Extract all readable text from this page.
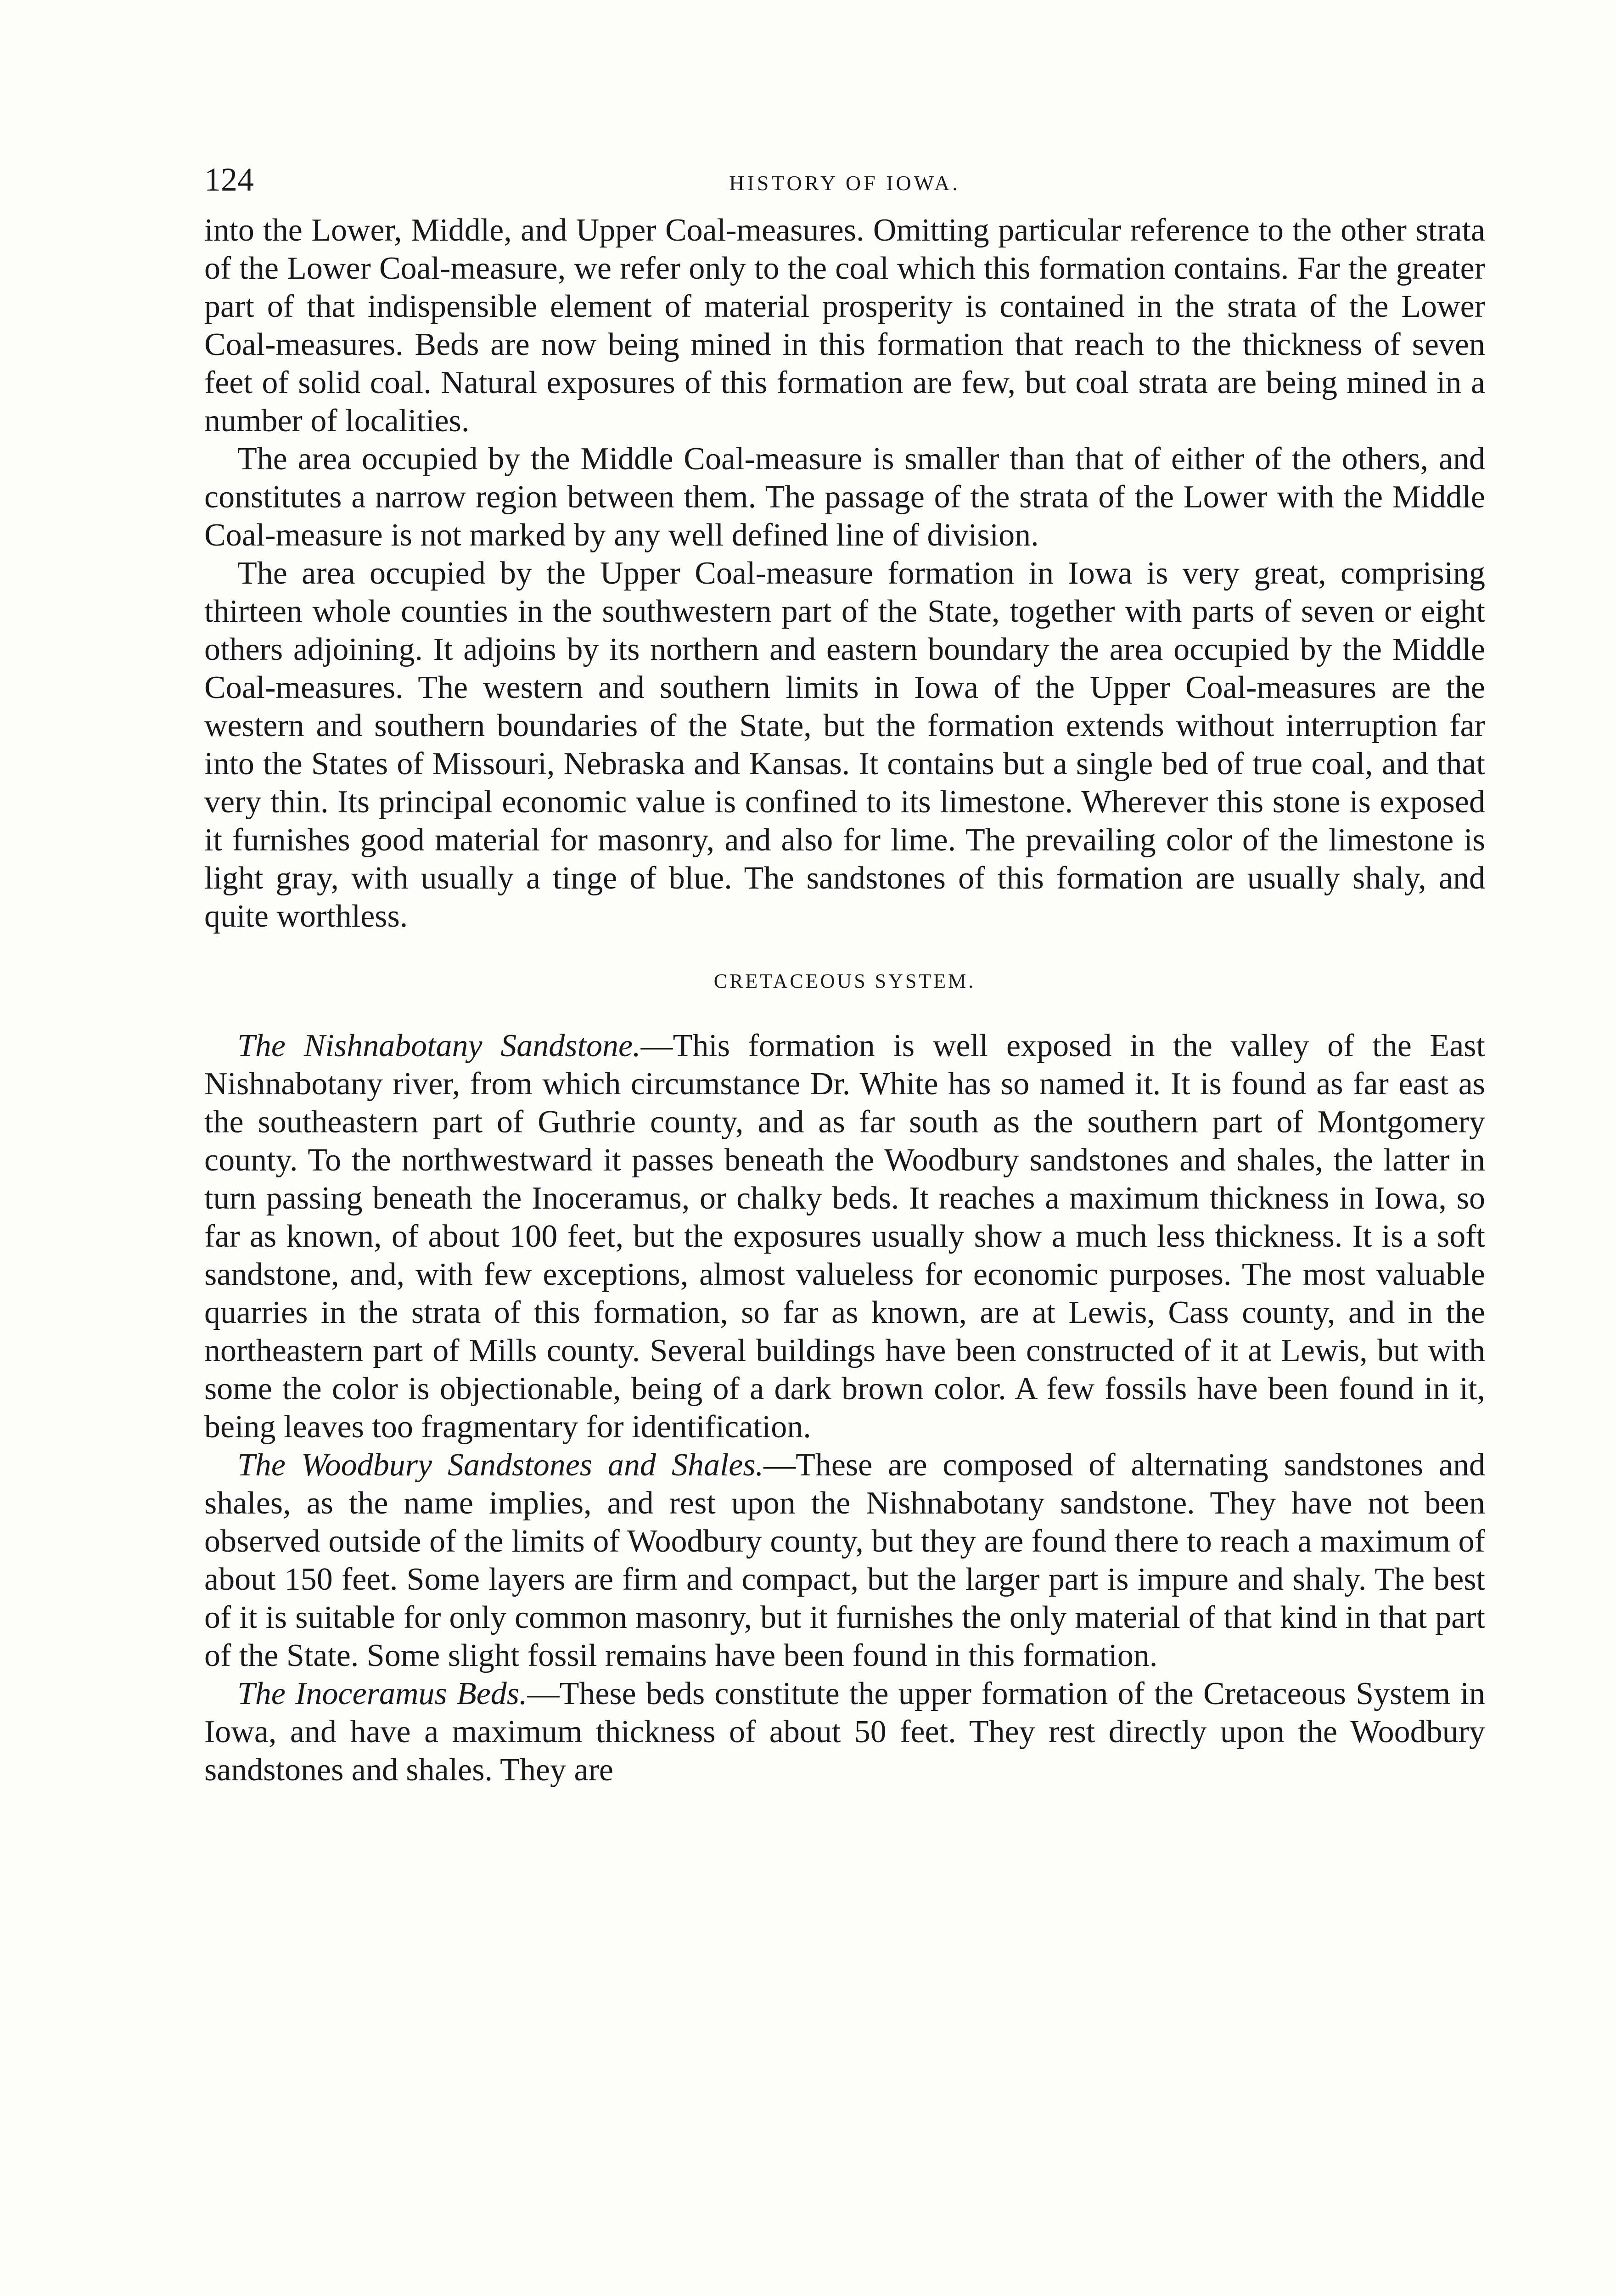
124	HISTORY OF IOWA.

into the Lower, Middle, and Upper Coal-measures. Omitting particular reference to the other strata of the Lower Coal-measure, we refer only to the coal which this formation contains. Far the greater part of that indispensible element of material prosperity is contained in the strata of the Lower Coal-measures. Beds are now being mined in this formation that reach to the thickness of seven feet of solid coal. Natural exposures of this formation are few, but coal strata are being mined in a number of localities.

The area occupied by the Middle Coal-measure is smaller than that of either of the others, and constitutes a narrow region between them. The passage of the strata of the Lower with the Middle Coal-measure is not marked by any well defined line of division.

The area occupied by the Upper Coal-measure formation in Iowa is very great, comprising thirteen whole counties in the southwestern part of the State, together with parts of seven or eight others adjoining. It adjoins by its northern and eastern boundary the area occupied by the Middle Coal-measures. The western and southern limits in Iowa of the Upper Coal-measures are the western and southern boundaries of the State, but the formation extends without interruption far into the States of Missouri, Nebraska and Kansas. It contains but a single bed of true coal, and that very thin. Its principal economic value is confined to its limestone. Wherever this stone is exposed it furnishes good material for masonry, and also for lime. The prevailing color of the limestone is light gray, with usually a tinge of blue. The sandstones of this formation are usually shaly, and quite worthless.

CRETACEOUS SYSTEM.

The Nishnabotany Sandstone.—This formation is well exposed in the valley of the East Nishnabotany river, from which circumstance Dr. White has so named it. It is found as far east as the southeastern part of Guthrie county, and as far south as the southern part of Montgomery county. To the northwestward it passes beneath the Woodbury sandstones and shales, the latter in turn passing beneath the Inoceramus, or chalky beds. It reaches a maximum thickness in Iowa, so far as known, of about 100 feet, but the exposures usually show a much less thickness. It is a soft sandstone, and, with few exceptions, almost valueless for economic purposes. The most valuable quarries in the strata of this formation, so far as known, are at Lewis, Cass county, and in the northeastern part of Mills county. Several buildings have been constructed of it at Lewis, but with some the color is objectionable, being of a dark brown color. A few fossils have been found in it, being leaves too fragmentary for identification.

The Woodbury Sandstones and Shales.—These are composed of alternating sandstones and shales, as the name implies, and rest upon the Nishnabotany sandstone. They have not been observed outside of the limits of Woodbury county, but they are found there to reach a maximum of about 150 feet. Some layers are firm and compact, but the larger part is impure and shaly. The best of it is suitable for only common masonry, but it furnishes the only material of that kind in that part of the State. Some slight fossil remains have been found in this formation.

The Inoceramus Beds.—These beds constitute the upper formation of the Cretaceous System in Iowa, and have a maximum thickness of about 50 feet. They rest directly upon the Woodbury sandstones and shales. They are
